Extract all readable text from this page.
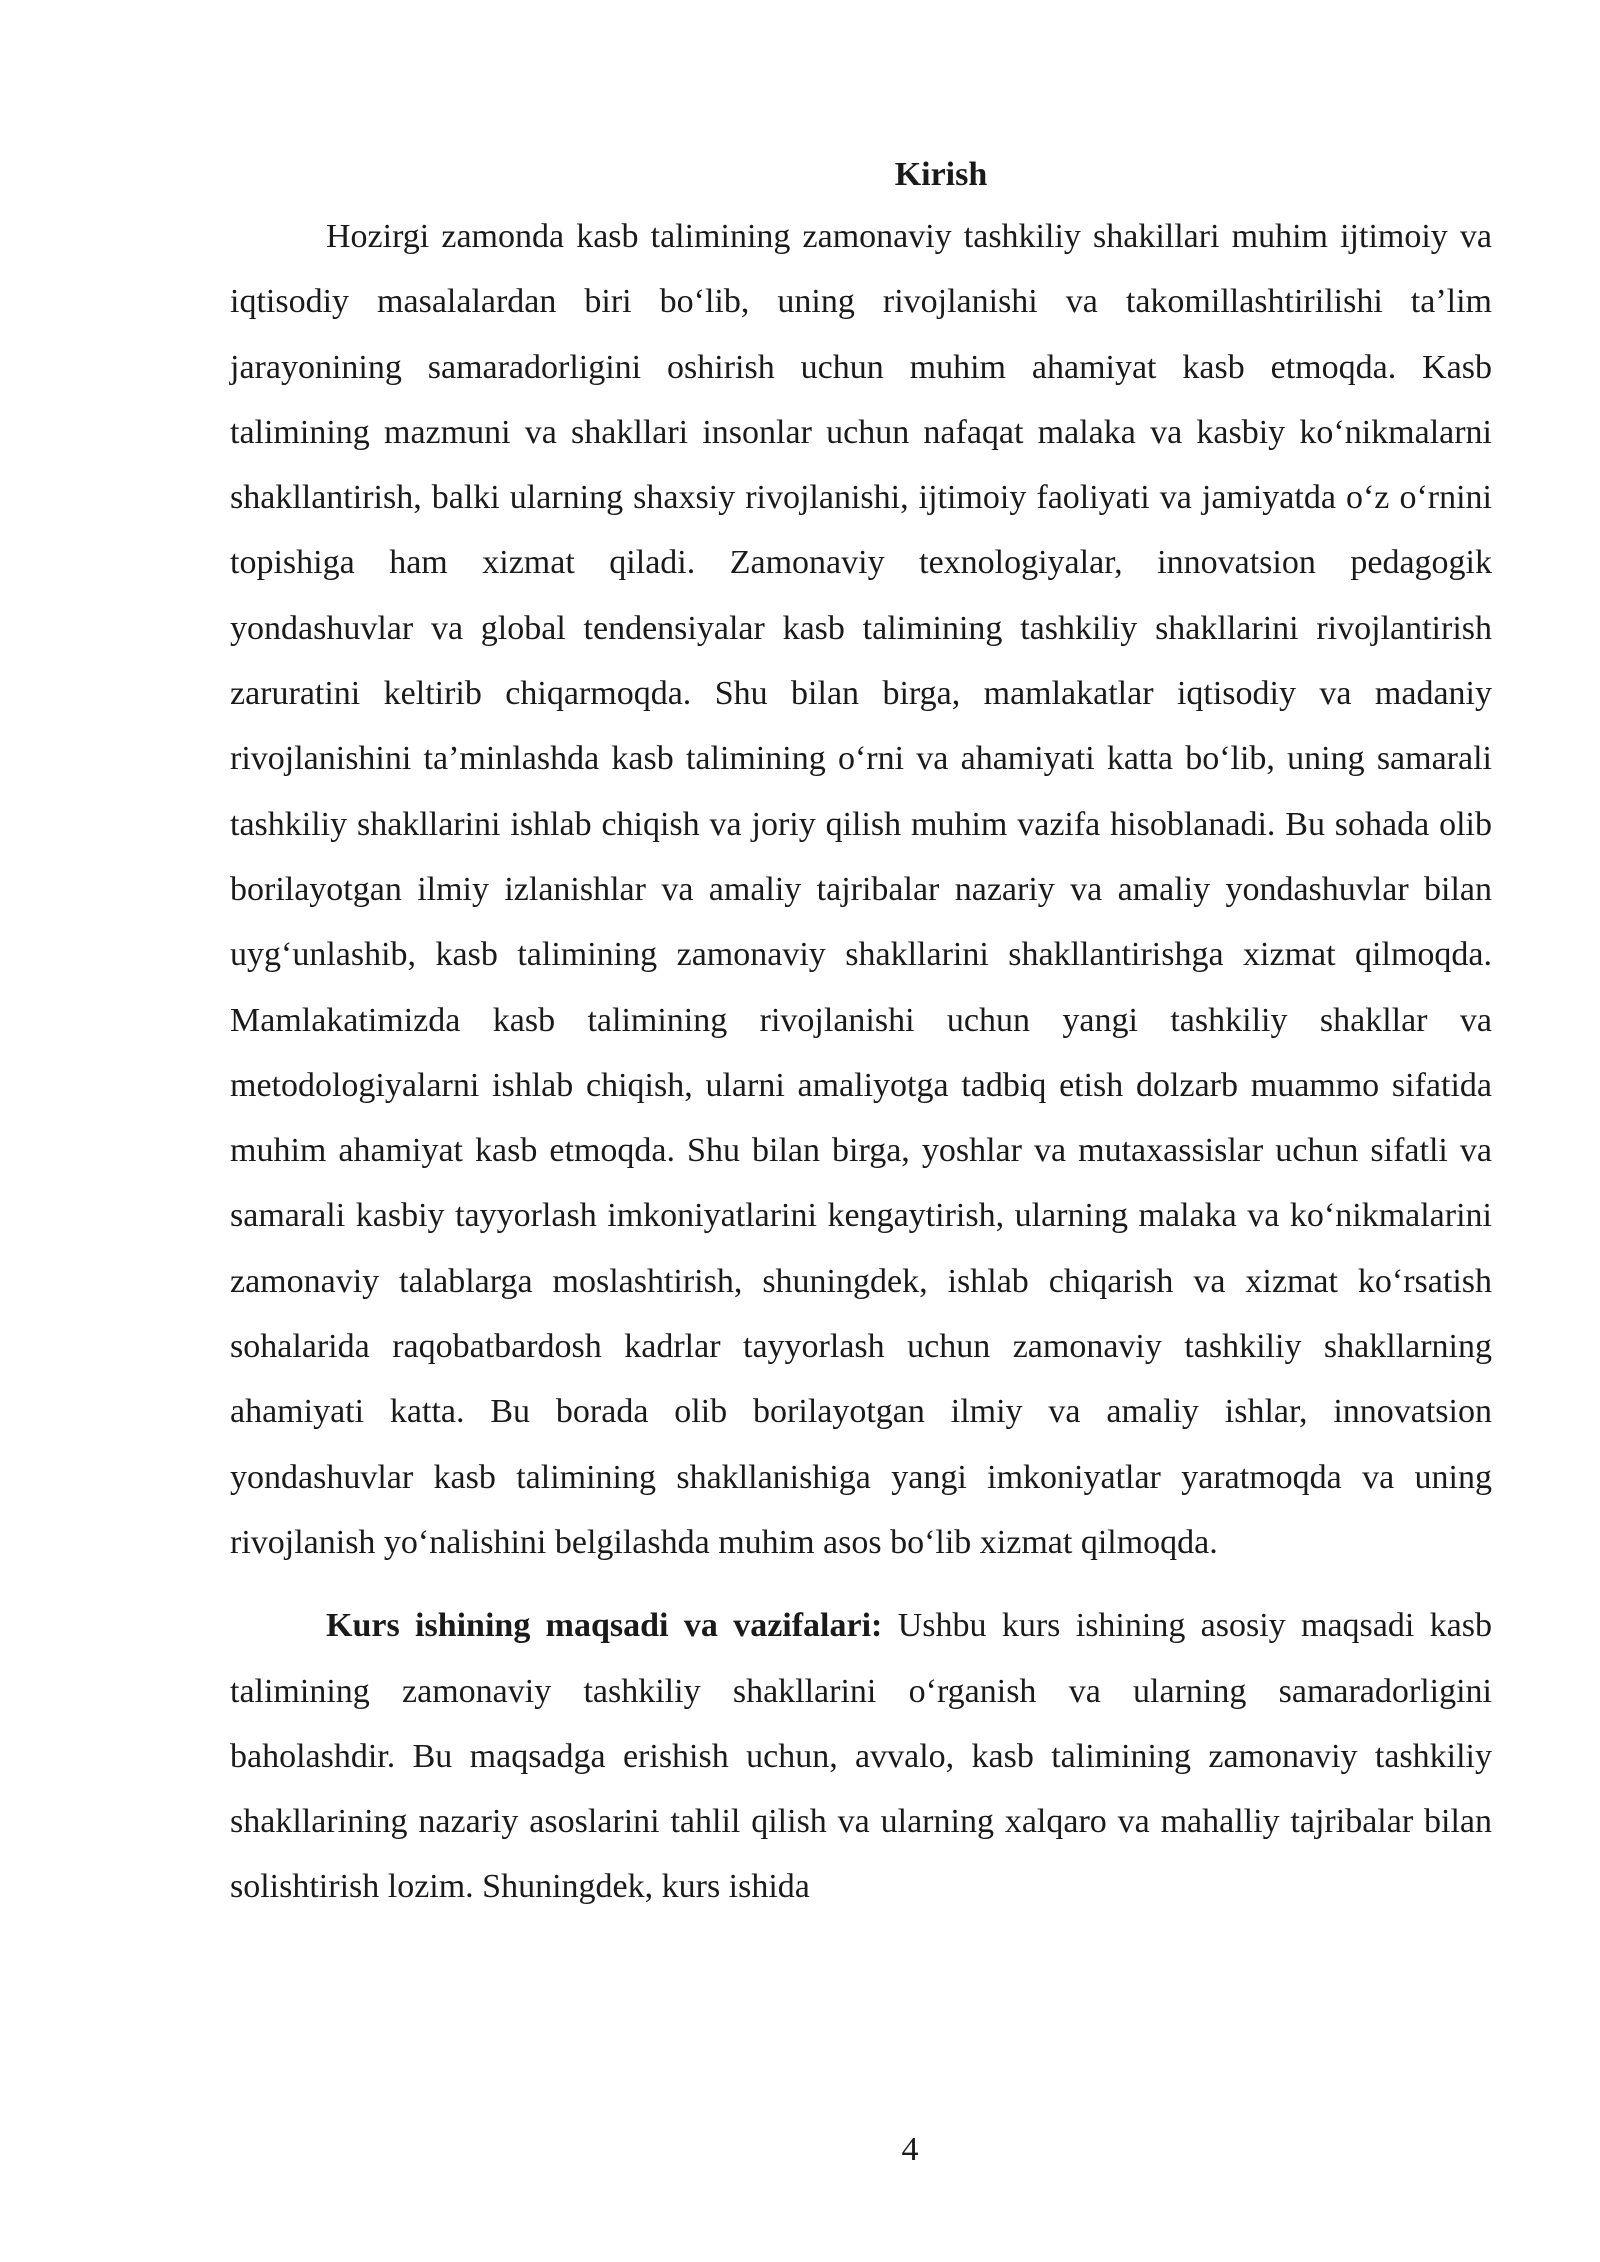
Kirish

Hozirgi zamonda kasb talimining zamonaviy tashkiliy shakillari muhim ijtimoiy va iqtisodiy masalalardan biri bo‘lib, uning rivojlanishi va takomillashtirilishi ta’lim jarayonining samaradorligini oshirish uchun muhim ahamiyat kasb etmoqda. Kasb talimining mazmuni va shakllari insonlar uchun nafaqat malaka va kasbiy ko‘nikmalarni shakllantirish, balki ularning shaxsiy rivojlanishi, ijtimoiy faoliyati va jamiyatda o‘z o‘rnini topishiga ham xizmat qiladi. Zamonaviy texnologiyalar, innovatsion pedagogik yondashuvlar va global tendensiyalar kasb talimining tashkiliy shakllarini rivojlantirish zaruratini keltirib chiqarmoqda. Shu bilan birga, mamlakatlar iqtisodiy va madaniy rivojlanishini ta’minlashda kasb talimining o‘rni va ahamiyati katta bo‘lib, uning samarali tashkiliy shakllarini ishlab chiqish va joriy qilish muhim vazifa hisoblanadi. Bu sohada olib borilayotgan ilmiy izlanishlar va amaliy tajribalar nazariy va amaliy yondashuvlar bilan uyg‘unlashib, kasb talimining zamonaviy shakllarini shakllantirishga xizmat qilmoqda. Mamlakatimizda kasb talimining rivojlanishi uchun yangi tashkiliy shakllar va metodologiyalarni ishlab chiqish, ularni amaliyotga tadbiq etish dolzarb muammo sifatida muhim ahamiyat kasb etmoqda. Shu bilan birga, yoshlar va mutaxassislar uchun sifatli va samarali kasbiy tayyorlash imkoniyatlarini kengaytirish, ularning malaka va ko‘nikmalarini zamonaviy talablarga moslashtirish, shuningdek, ishlab chiqarish va xizmat ko‘rsatish sohalarida raqobatbardosh kadrlar tayyorlash uchun zamonaviy tashkiliy shakllarning ahamiyati katta. Bu borada olib borilayotgan ilmiy va amaliy ishlar, innovatsion yondashuvlar kasb talimining shakllanishiga yangi imkoniyatlar yaratmoqda va uning rivojlanish yo‘nalishini belgilashda muhim asos bo‘lib xizmat qilmoqda.

Kurs ishining maqsadi va vazifalari: Ushbu kurs ishining asosiy maqsadi kasb talimining zamonaviy tashkiliy shakllarini o‘rganish va ularning samaradorligini baholashdir. Bu maqsadga erishish uchun, avvalo, kasb talimining zamonaviy tashkiliy shakllarining nazariy asoslarini tahlil qilish va ularning xalqaro va mahalliy tajribalar bilan solishtirish lozim. Shuningdek, kurs ishida

4
